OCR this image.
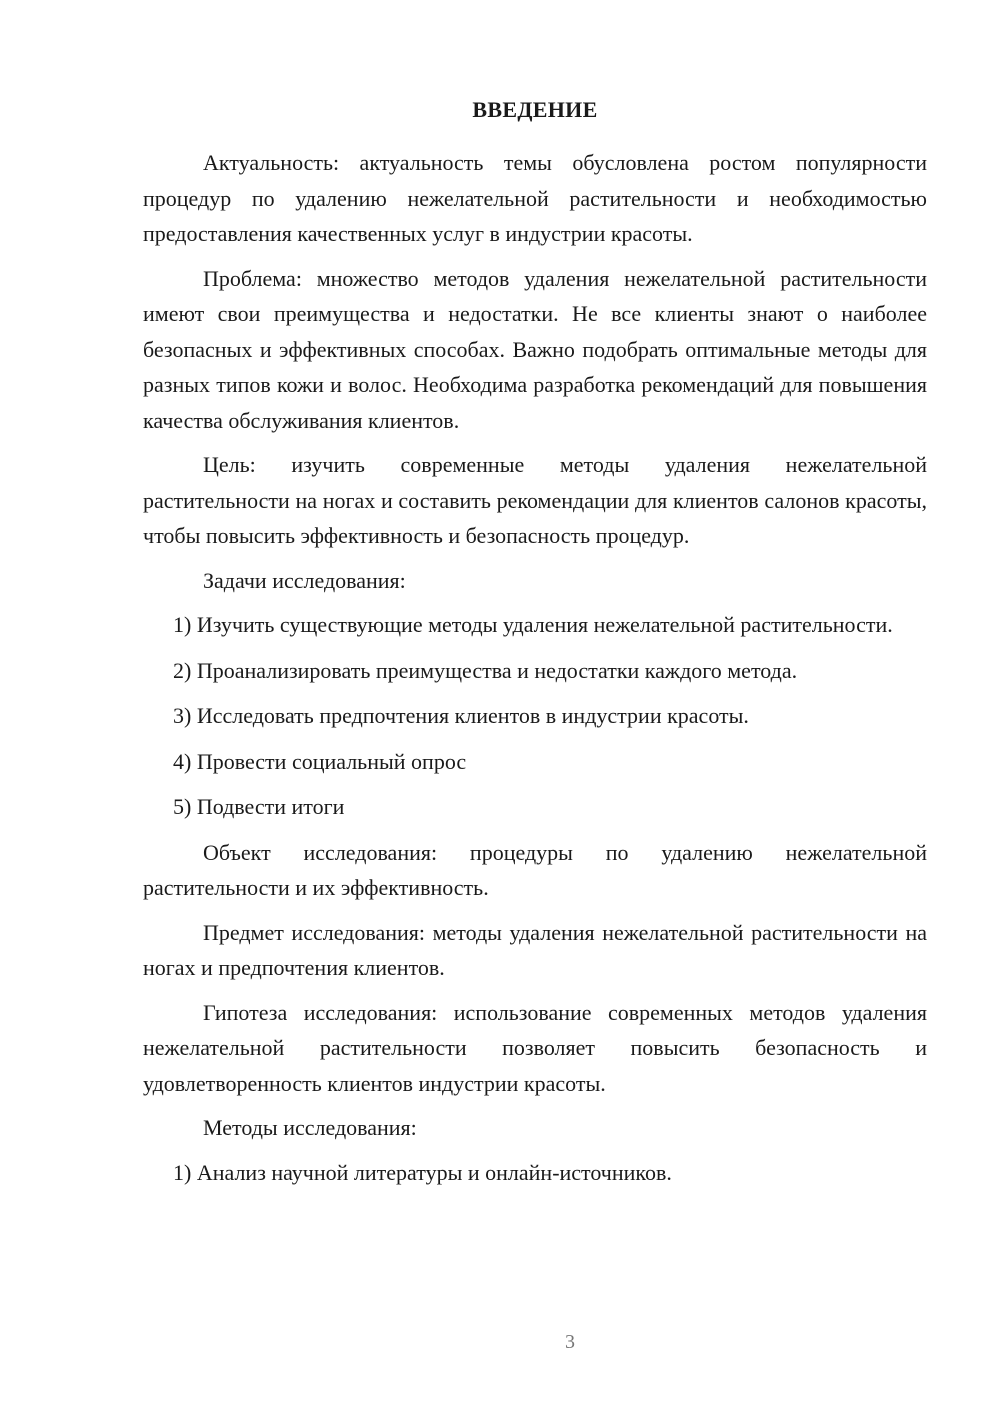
ВВЕДЕНИЕ

Актуальность: актуальность темы обусловлена ростом популярности процедур по удалению нежелательной растительности и необходимостью предоставления качественных услуг в индустрии красоты.

Проблема: множество методов удаления нежелательной растительности имеют свои преимущества и недостатки. Не все клиенты знают о наиболее безопасных и эффективных способах. Важно подобрать оптимальные методы для разных типов кожи и волос. Необходима разработка рекомендаций для повышения качества обслуживания клиентов.

Цель: изучить современные методы удаления нежелательной растительности на ногах и составить рекомендации для клиентов салонов красоты, чтобы повысить эффективность и безопасность процедур.

Задачи исследования:

1) Изучить существующие методы удаления нежелательной растительности.

2) Проанализировать преимущества и недостатки каждого метода.

3) Исследовать предпочтения клиентов в индустрии красоты.

4) Провести социальный опрос

5) Подвести итоги

Объект исследования: процедуры по удалению нежелательной растительности и их эффективность.

Предмет исследования: методы удаления нежелательной растительности на ногах и предпочтения клиентов.

Гипотеза исследования: использование современных методов удаления нежелательной растительности позволяет повысить безопасность и удовлетворенность клиентов индустрии красоты.

Методы исследования:

1) Анализ научной литературы и онлайн-источников.

3
